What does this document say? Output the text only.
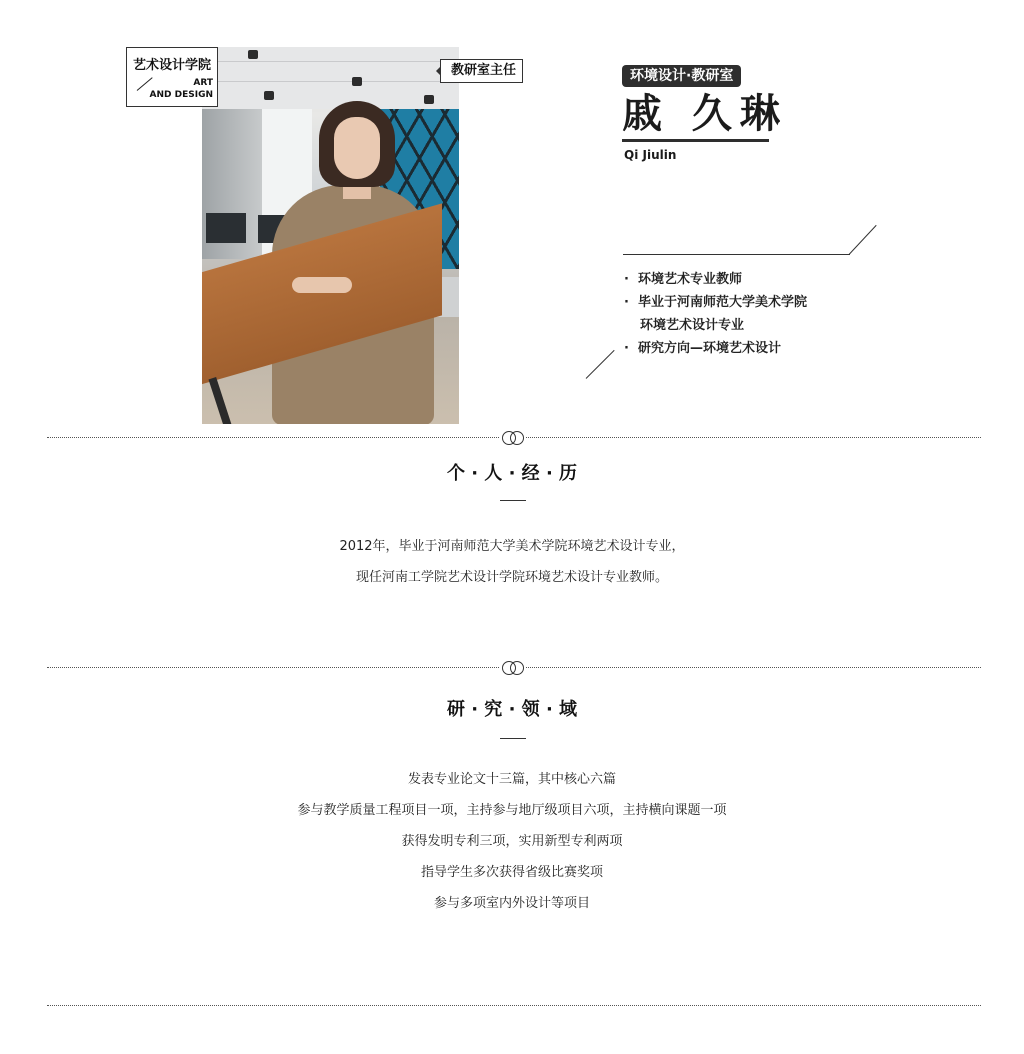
艺术设计学院
ART
AND DESIGN
教研室主任	环境设计·教研室
戚 久琳
Qi Jiulin
· 环境艺术专业教师
· 毕业于河南师范大学美术学院
环境艺术设计专业
· 研究方向—环境艺术设计
个 · 人 · 经 · 历
2012年，毕业于河南师范大学美术学院环境艺术设计专业，
现任河南工学院艺术设计学院环境艺术设计专业教师。
研 · 究 · 领 · 域
发表专业论文十三篇，其中核心六篇
参与教学质量工程项目一项，主持参与地厅级项目六项，主持横向课题一项
获得发明专利三项，实用新型专利两项
指导学生多次获得省级比赛奖项
参与多项室内外设计等项目
